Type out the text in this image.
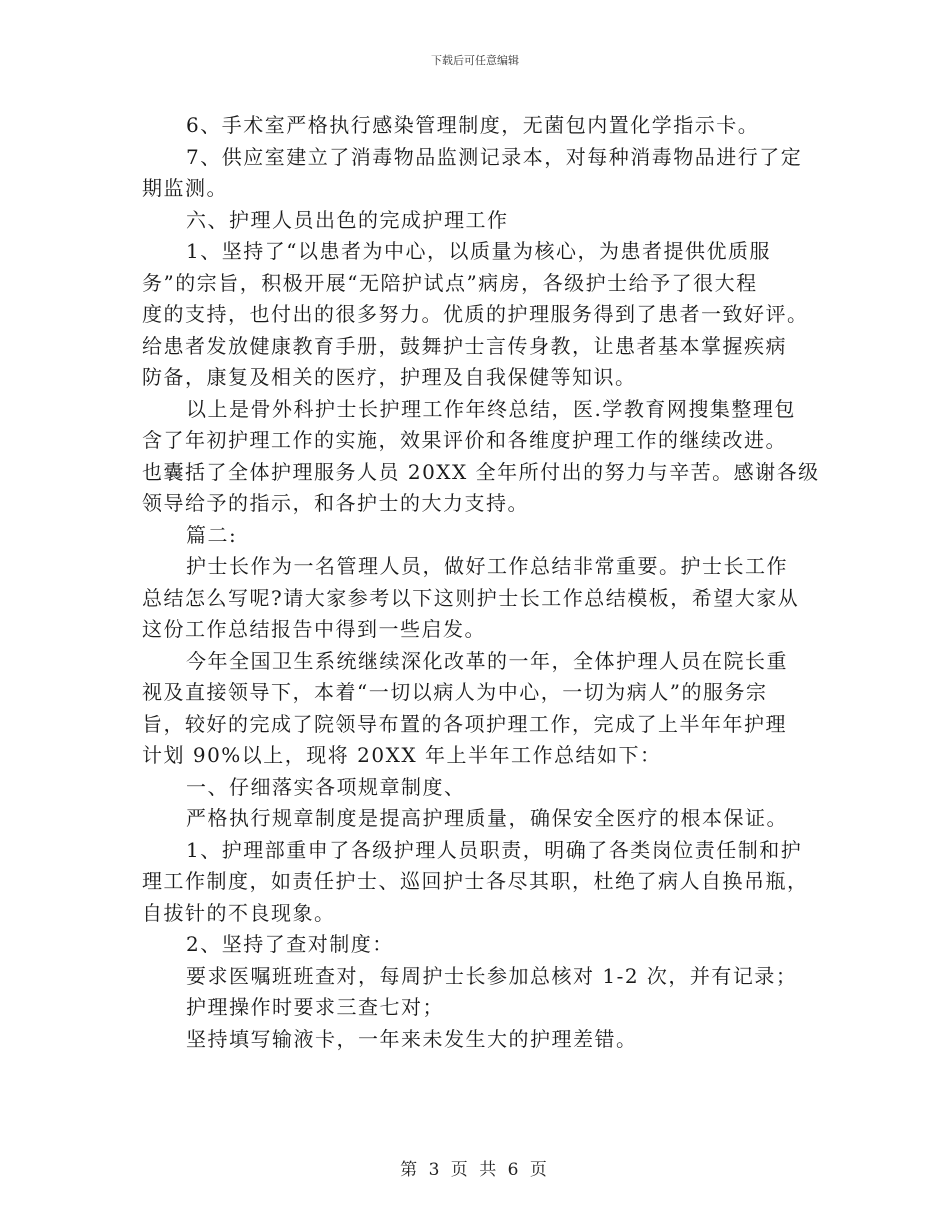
下载后可任意编辑

6、手术室严格执行感染管理制度，无菌包内置化学指示卡。

7、供应室建立了消毒物品监测记录本，对每种消毒物品进行了定

期监测。

六、护理人员出色的完成护理工作

1、坚持了“以患者为中心，以质量为核心，为患者提供优质服

务”的宗旨，积极开展“无陪护试点”病房，各级护士给予了很大程

度的支持，也付出的很多努力。优质的护理服务得到了患者一致好评。

给患者发放健康教育手册，鼓舞护士言传身教，让患者基本掌握疾病

防备，康复及相关的医疗，护理及自我保健等知识。

以上是骨外科护士长护理工作年终总结，医.学教育网搜集整理包

含了年初护理工作的实施，效果评价和各维度护理工作的继续改进。

也囊括了全体护理服务人员 20XX 全年所付出的努力与辛苦。感谢各级

领导给予的指示，和各护士的大力支持。

篇二:

护士长作为一名管理人员，做好工作总结非常重要。护士长工作

总结怎么写呢?请大家参考以下这则护士长工作总结模板，希望大家从

这份工作总结报告中得到一些启发。

今年全国卫生系统继续深化改革的一年，全体护理人员在院长重

视及直接领导下，本着“一切以病人为中心，一切为病人”的服务宗

旨，较好的完成了院领导布置的各项护理工作，完成了上半年年护理

计划 90%以上，现将 20XX 年上半年工作总结如下：

一、仔细落实各项规章制度、

严格执行规章制度是提高护理质量，确保安全医疗的根本保证。

1、护理部重申了各级护理人员职责，明确了各类岗位责任制和护

理工作制度，如责任护士、巡回护士各尽其职，杜绝了病人自换吊瓶，

自拔针的不良现象。

2、坚持了查对制度：

要求医嘱班班查对，每周护士长参加总核对 1-2 次，并有记录；

护理操作时要求三查七对；

坚持填写输液卡，一年来未发生大的护理差错。

第 3 页 共 6 页
